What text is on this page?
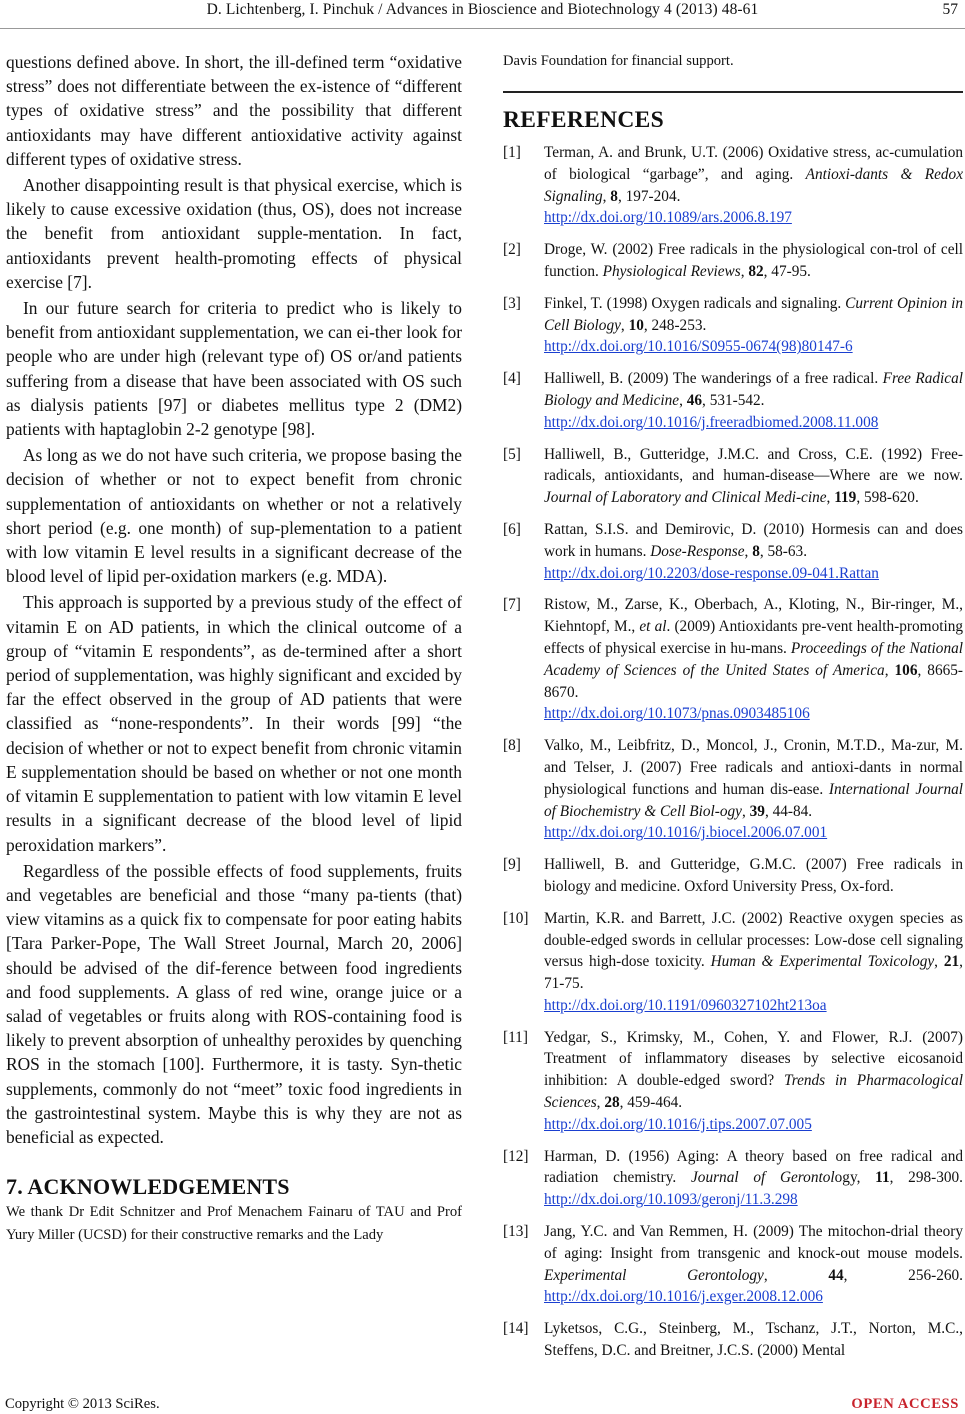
D. Lichtenberg, I. Pinchuk / Advances in Bioscience and Biotechnology 4 (2013) 48-61	57

questions defined above. In short, the ill-defined term “oxidative stress” does not differentiate between the ex-istence of “different types of oxidative stress” and the possibility that different antioxidants may have different antioxidative activity against different types of oxidative stress.

Another disappointing result is that physical exercise, which is likely to cause excessive oxidation (thus, OS), does not increase the benefit from antioxidant supple-mentation. In fact, antioxidants prevent health-promoting effects of physical exercise [7].

In our future search for criteria to predict who is likely to benefit from antioxidant supplementation, we can ei-ther look for people who are under high (relevant type of) OS or/and patients suffering from a disease that have been associated with OS such as dialysis patients [97] or diabetes mellitus type 2 (DM2) patients with haptaglobin 2-2 genotype [98].

As long as we do not have such criteria, we propose basing the decision of whether or not to expect benefit from chronic supplementation of antioxidants on whether or not a relatively short period (e.g. one month) of sup-plementation to a patient with low vitamin E level results in a significant decrease of the blood level of lipid per-oxidation markers (e.g. MDA).

This approach is supported by a previous study of the effect of vitamin E on AD patients, in which the clinical outcome of a group of “vitamin E respondents”, as de-termined after a short period of supplementation, was highly significant and excided by far the effect observed in the group of AD patients that were classified as “none-respondents”. In their words [99] “the decision of whether or not to expect benefit from chronic vitamin E supplementation should be based on whether or not one month of vitamin E supplementation to patient with low vitamin E level results in a significant decrease of the blood level of lipid peroxidation markers”.

Regardless of the possible effects of food supplements, fruits and vegetables are beneficial and those “many pa-tients (that) view vitamins as a quick fix to compensate for poor eating habits [Tara Parker-Pope, The Wall Street Journal, March 20, 2006] should be advised of the dif-ference between food ingredients and food supplements. A glass of red wine, orange juice or a salad of vegetables or fruits along with ROS-containing food is likely to prevent absorption of unhealthy peroxides by quenching ROS in the stomach [100]. Furthermore, it is tasty. Syn-thetic supplements, commonly do not “meet” toxic food ingredients in the gastrointestinal system. Maybe this is why they are not as beneficial as expected.

7. ACKNOWLEDGEMENTS

We thank Dr Edit Schnitzer and Prof Menachem Fainaru of TAU and Prof Yury Miller (UCSD) for their constructive remarks and the Lady

Davis Foundation for financial support.

REFERENCES
[1]	Terman, A. and Brunk, U.T. (2006) Oxidative stress, ac-cumulation of biological “garbage”, and aging. Antioxi-dants & Redox Signaling, 8, 197-204.
http://dx.doi.org/10.1089/ars.2006.8.197
[2]	Droge, W. (2002) Free radicals in the physiological con-trol of cell function. Physiological Reviews, 82, 47-95.
[3]	Finkel, T. (1998) Oxygen radicals and signaling. Current Opinion in Cell Biology, 10, 248-253.
http://dx.doi.org/10.1016/S0955-0674(98)80147-6
[4]	Halliwell, B. (2009) The wanderings of a free radical. Free Radical Biology and Medicine, 46, 531-542.
http://dx.doi.org/10.1016/j.freeradbiomed.2008.11.008
[5]	Halliwell, B., Gutteridge, J.M.C. and Cross, C.E. (1992) Free-radicals, antioxidants, and human-disease—Where are we now. Journal of Laboratory and Clinical Medi-cine, 119, 598-620.
[6]	Rattan, S.I.S. and Demirovic, D. (2010) Hormesis can and does work in humans. Dose-Response, 8, 58-63.
http://dx.doi.org/10.2203/dose-response.09-041.Rattan
[7]	Ristow, M., Zarse, K., Oberbach, A., Kloting, N., Bir-ringer, M., Kiehntopf, M., et al. (2009) Antioxidants pre-vent health-promoting effects of physical exercise in hu-mans. Proceedings of the National Academy of Sciences of the United States of America, 106, 8665-8670.
http://dx.doi.org/10.1073/pnas.0903485106
[8]	Valko, M., Leibfritz, D., Moncol, J., Cronin, M.T.D., Ma-zur, M. and Telser, J. (2007) Free radicals and antioxi-dants in normal physiological functions and human dis-ease. International Journal of Biochemistry & Cell Biol-ogy, 39, 44-84.
http://dx.doi.org/10.1016/j.biocel.2006.07.001
[9]	Halliwell, B. and Gutteridge, G.M.C. (2007) Free radicals in biology and medicine. Oxford University Press, Ox-ford.
[10]	Martin, K.R. and Barrett, J.C. (2002) Reactive oxygen species as double-edged swords in cellular processes: Low-dose cell signaling versus high-dose toxicity. Human & Experimental Toxicology, 21, 71-75.
http://dx.doi.org/10.1191/0960327102ht213oa
[11]	Yedgar, S., Krimsky, M., Cohen, Y. and Flower, R.J. (2007) Treatment of inflammatory diseases by selective eicosanoid inhibition: A double-edged sword? Trends in Pharmacological Sciences, 28, 459-464.
http://dx.doi.org/10.1016/j.tips.2007.07.005
[12]	Harman, D. (1956) Aging: A theory based on free radical and radiation chemistry. Journal of Gerontology, 11, 298-300. http://dx.doi.org/10.1093/geronj/11.3.298
[13]	Jang, Y.C. and Van Remmen, H. (2009) The mitochon-drial theory of aging: Insight from transgenic and knock-out mouse models. Experimental Gerontology, 44, 256-260. http://dx.doi.org/10.1016/j.exger.2008.12.006
[14]	Lyketsos, C.G., Steinberg, M., Tschanz, J.T., Norton, M.C., Steffens, D.C. and Breitner, J.C.S. (2000) Mental
Copyright © 2013 SciRes.	OPEN ACCESS
